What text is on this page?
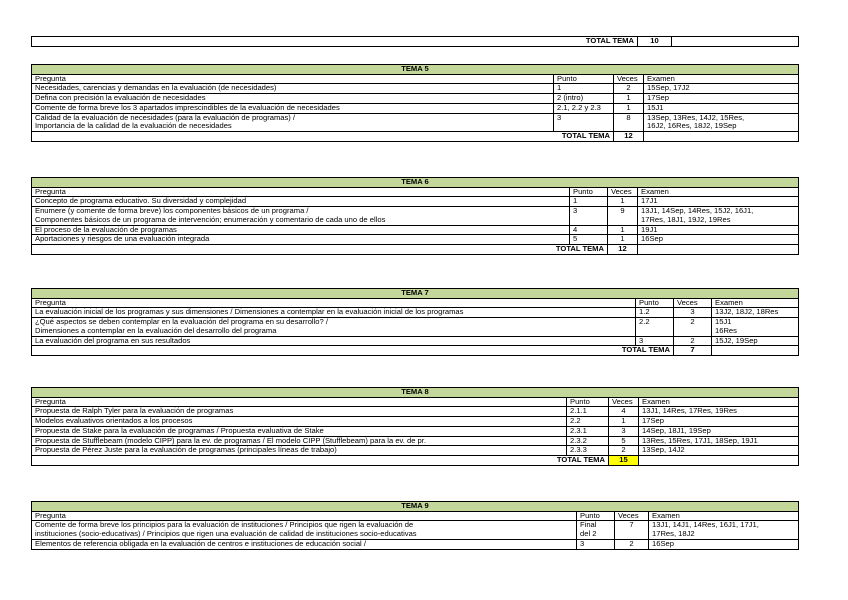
TOTAL TEMA	10	
TEMA 5			
Pregunta	Punto	Veces	Examen
Necesidades, carencias y demandas en la evaluación (de necesidades)	1	2	15Sep, 17J2
Defina con precisión la evaluación de necesidades	2 (intro)	1	17Sep
Comente de forma breve los 3 apartados imprescindibles de la evaluación de necesidades	2.1, 2.2 y 2.3	1	15J1
Calidad de la evaluación de necesidades (para la evaluación de programas) /
Importancia de la calidad de la evaluación de necesidades	3	8	13Sep, 13Res, 14J2, 15Res,
16J2, 16Res, 18J2, 19Sep
TOTAL TEMA		12	
TEMA 6			
Pregunta	Punto	Veces	Examen
Concepto de programa educativo. Su diversidad y complejidad	1	1	17J1
Enumere (y comente de forma breve) los componentes básicos de un programa /
Componentes básicos de un programa de intervención; enumeración y comentario de cada uno de ellos	3	9	13J1, 14Sep, 14Res, 15J2, 16J1,
17Res, 18J1, 19J2, 19Res
El proceso de la evaluación de programas	4	1	19J1
Aportaciones y riesgos de una evaluación integrada	5	1	16Sep
TOTAL TEMA		12	
TEMA 7			
Pregunta	Punto	Veces	Examen
La evaluación inicial de los programas y sus dimensiones / Dimensiones a contemplar en la evaluación inicial de los programas	1.2	3	13J2, 18J2, 18Res
¿Qué aspectos se deben contemplar en la evaluación del programa en su desarrollo? /
Dimensiones a contemplar en la evaluación del desarrollo del programa	2.2	2	15J1
16Res
La evaluación del programa en sus resultados	3	2	15J2, 19Sep
TOTAL TEMA		7	
TEMA 8			
Pregunta	Punto	Veces	Examen
Propuesta de Ralph Tyler para la evaluación de programas	2.1.1	4	13J1, 14Res, 17Res, 19Res
Modelos evaluativos orientados a los procesos	2.2	1	17Sep
Propuesta de Stake para la evaluación de programas / Propuesta evaluativa de Stake	2.3.1	3	14Sep, 18J1, 19Sep
Propuesta de Stufflebeam (modelo CIPP) para la ev. de programas / El modelo CIPP (Stufflebeam) para la ev. de pr.	2.3.2	5	13Res, 15Res, 17J1, 18Sep, 19J1
Propuesta de Pérez Juste para la evaluación de programas (principales líneas de trabajo)	2.3.3	2	13Sep, 14J2
TOTAL TEMA		15	
TEMA 9			
Pregunta	Punto	Veces	Examen
Comente de forma breve los principios para la evaluación de instituciones / Principios que rigen la evaluación de
instituciones (socio-educativas) / Principios que rigen una evaluación de calidad de instituciones socio-educativas	Final
del 2	7	13J1, 14J1, 14Res, 16J1, 17J1,
17Res, 18J2
Elementos de referencia obligada en la evaluación de centros e instituciones de educación social /	3	2	16Sep
